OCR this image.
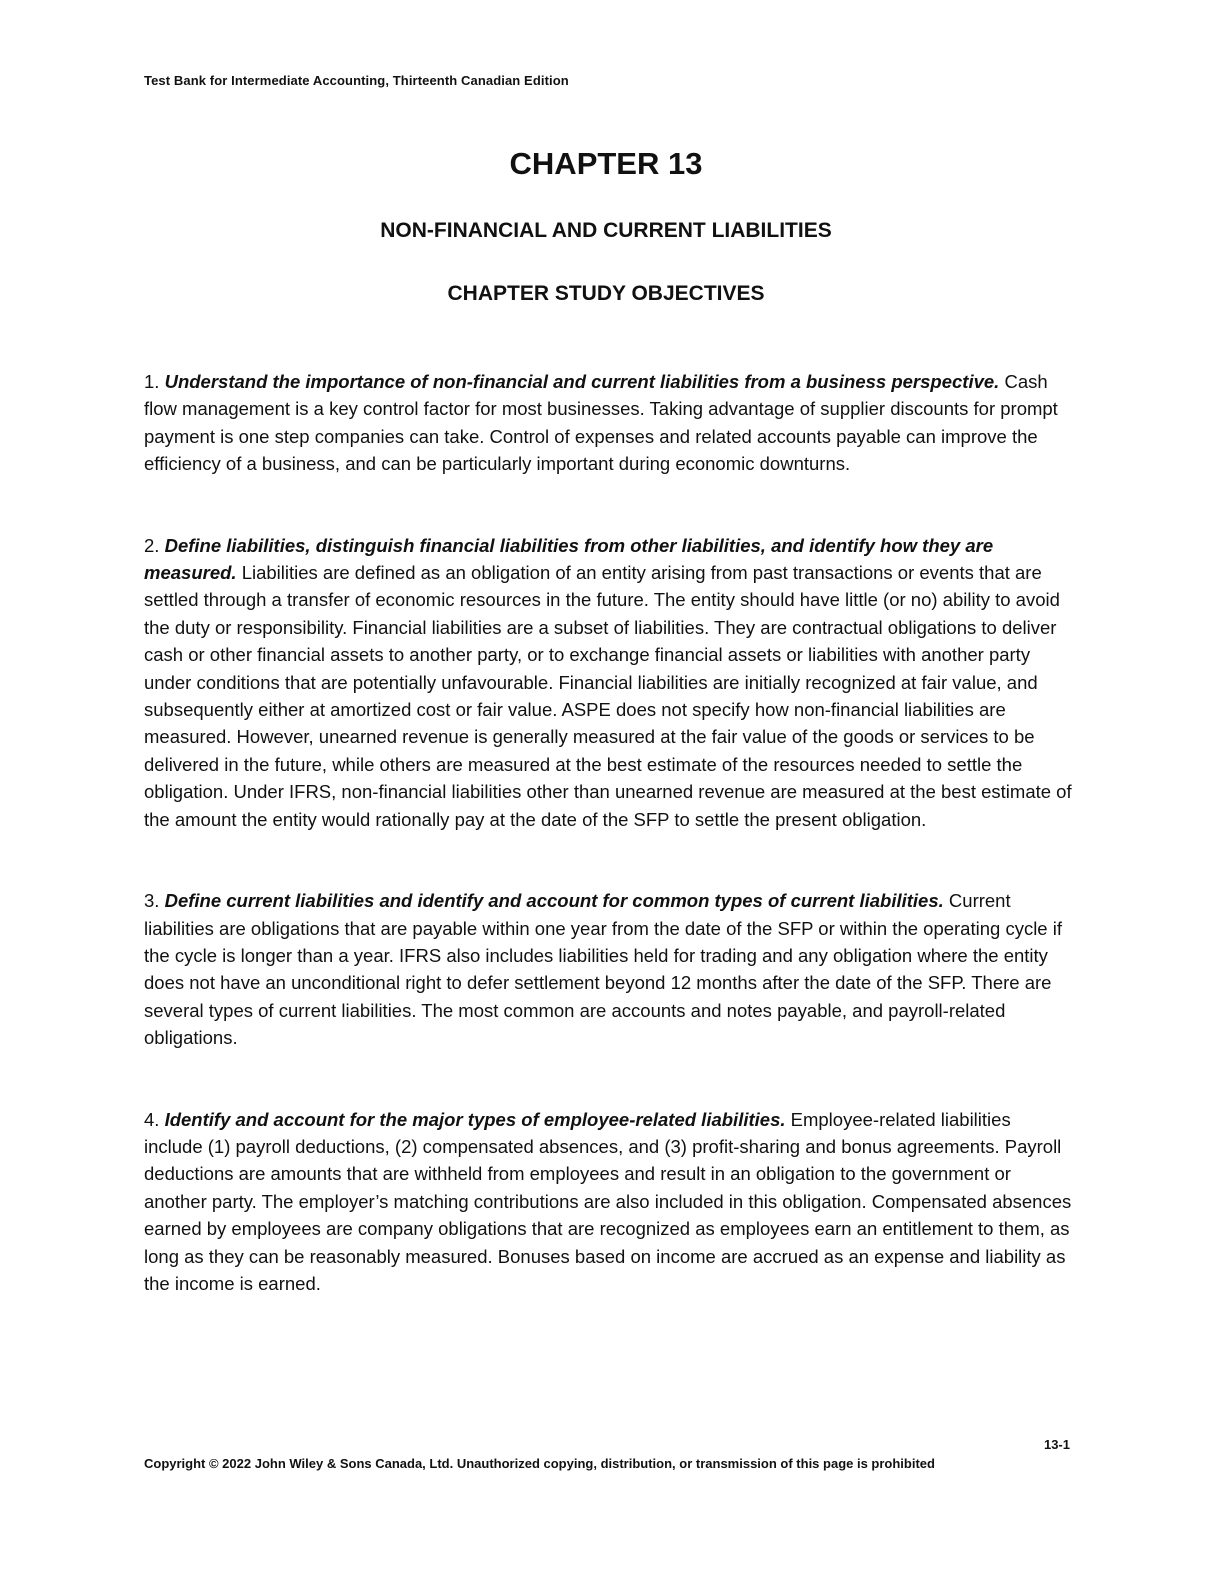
Test Bank for Intermediate Accounting, Thirteenth Canadian Edition
CHAPTER 13
NON-FINANCIAL AND CURRENT LIABILITIES
CHAPTER STUDY OBJECTIVES

1. Understand the importance of non-financial and current liabilities from a business perspective. Cash flow management is a key control factor for most businesses. Taking advantage of supplier discounts for prompt payment is one step companies can take. Control of expenses and related accounts payable can improve the efficiency of a business, and can be particularly important during economic downturns.

2. Define liabilities, distinguish financial liabilities from other liabilities, and identify how they are measured. Liabilities are defined as an obligation of an entity arising from past transactions or events that are settled through a transfer of economic resources in the future. The entity should have little (or no) ability to avoid the duty or responsibility. Financial liabilities are a subset of liabilities. They are contractual obligations to deliver cash or other financial assets to another party, or to exchange financial assets or liabilities with another party under conditions that are potentially unfavourable. Financial liabilities are initially recognized at fair value, and subsequently either at amortized cost or fair value. ASPE does not specify how non-financial liabilities are measured. However, unearned revenue is generally measured at the fair value of the goods or services to be delivered in the future, while others are measured at the best estimate of the resources needed to settle the obligation. Under IFRS, non-financial liabilities other than unearned revenue are measured at the best estimate of the amount the entity would rationally pay at the date of the SFP to settle the present obligation.

3. Define current liabilities and identify and account for common types of current liabilities. Current liabilities are obligations that are payable within one year from the date of the SFP or within the operating cycle if the cycle is longer than a year. IFRS also includes liabilities held for trading and any obligation where the entity does not have an unconditional right to defer settlement beyond 12 months after the date of the SFP. There are several types of current liabilities. The most common are accounts and notes payable, and payroll-related obligations.

4. Identify and account for the major types of employee-related liabilities. Employee-related liabilities include (1) payroll deductions, (2) compensated absences, and (3) profit-sharing and bonus agreements. Payroll deductions are amounts that are withheld from employees and result in an obligation to the government or another party. The employer’s matching contributions are also included in this obligation. Compensated absences earned by employees are company obligations that are recognized as employees earn an entitlement to them, as long as they can be reasonably measured. Bonuses based on income are accrued as an expense and liability as the income is earned.

13-1
Copyright © 2022 John Wiley & Sons Canada, Ltd. Unauthorized copying, distribution, or transmission of this page is prohibited
